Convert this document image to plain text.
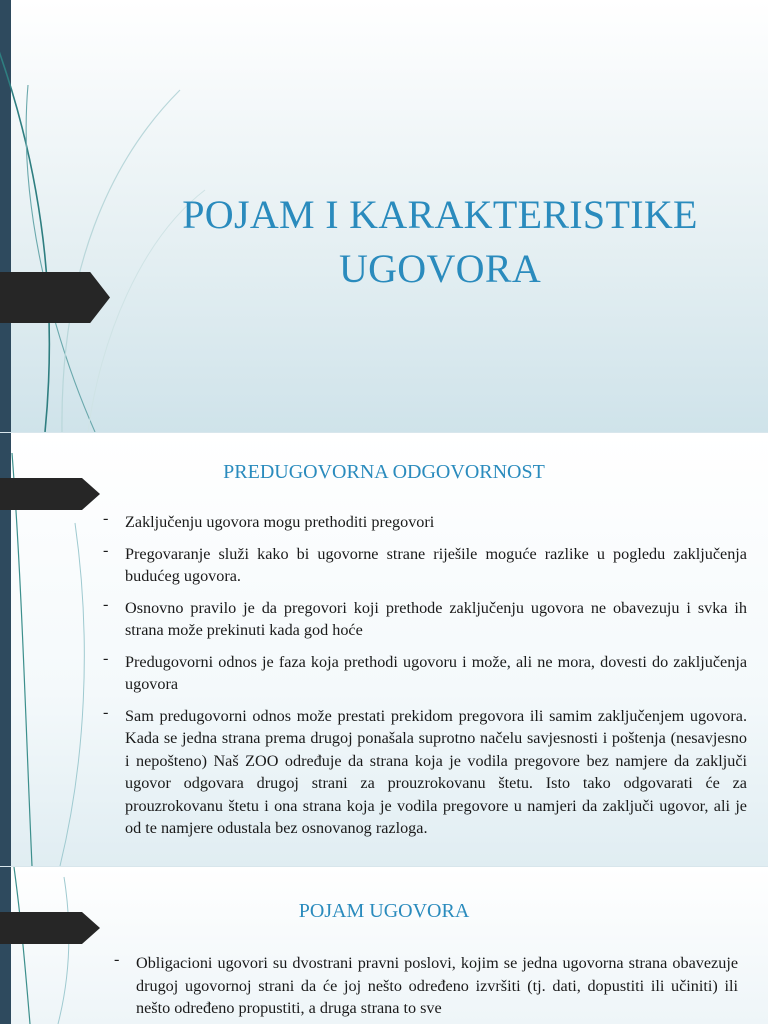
POJAM I KARAKTERISTIKE
UGOVORA
PREDUGOVORNA ODGOVORNOST
- Zaključenju ugovora mogu prethoditi pregovori
- Pregovaranje služi kako bi ugovorne strane riješile moguće razlike u pogledu zaključenja budućeg ugovora.
- Osnovno pravilo je da pregovori koji prethode zaključenju ugovora ne obavezuju i svka ih strana može prekinuti kada god hoće
- Predugovorni odnos je faza koja prethodi ugovoru i može, ali ne mora, dovesti do zaključenja ugovora
- Sam predugovorni odnos može prestati prekidom pregovora ili samim zaključenjem ugovora. Kada se jedna strana prema drugoj ponašala suprotno načelu savjesnosti i poštenja (nesavjesno i nepošteno) Naš ZOO određuje da strana koja je vodila pregovore bez namjere da zaključi ugovor odgovara drugoj strani za prouzrokovanu štetu. Isto tako odgovarati će za prouzrokovanu štetu i ona strana koja je vodila pregovore u namjeri da zaključi ugovor, ali je od te namjere odustala bez osnovanog razloga.
POJAM UGOVORA
- Obligacioni ugovori su dvostrani pravni poslovi, kojim se jedna ugovorna strana obavezuje drugoj ugovornoj strani da će joj nešto određeno izvršiti (tj. dati, dopustiti ili učiniti) ili nešto određeno propustiti, a druga strana to sve
